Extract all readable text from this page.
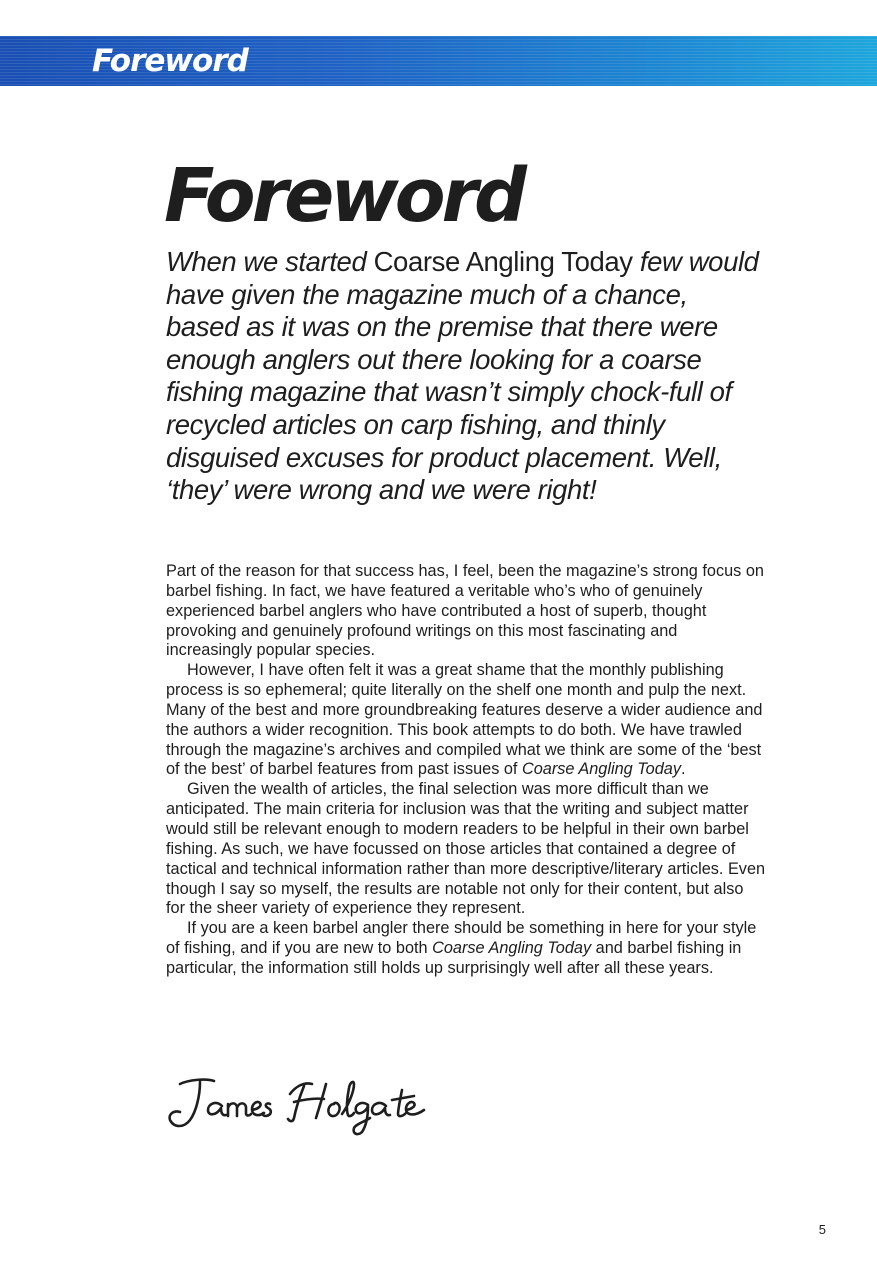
Foreword
Foreword

When we started Coarse Angling Today few would have given the magazine much of a chance, based as it was on the premise that there were enough anglers out there looking for a coarse fishing magazine that wasn’t simply chock-full of recycled articles on carp fishing, and thinly disguised excuses for product placement. Well, ‘they’ were wrong and we were right!

Part of the reason for that success has, I feel, been the magazine’s strong focus on barbel fishing. In fact, we have featured a veritable who’s who of genuinely experienced barbel anglers who have contributed a host of superb, thought provoking and genuinely profound writings on this most fascinating and increasingly popular species.

However, I have often felt it was a great shame that the monthly publishing process is so ephemeral; quite literally on the shelf one month and pulp the next. Many of the best and more groundbreaking features deserve a wider audience and the authors a wider recognition. This book attempts to do both. We have trawled through the magazine’s archives and compiled what we think are some of the ‘best of the best’ of barbel features from past issues of Coarse Angling Today.

Given the wealth of articles, the final selection was more difficult than we anticipated. The main criteria for inclusion was that the writing and subject matter would still be relevant enough to modern readers to be helpful in their own barbel fishing. As such, we have focussed on those articles that contained a degree of tactical and technical information rather than more descriptive/literary articles. Even though I say so myself, the results are notable not only for their content, but also for the sheer variety of experience they represent.

If you are a keen barbel angler there should be something in here for your style of fishing, and if you are new to both Coarse Angling Today and barbel fishing in particular, the information still holds up surprisingly well after all these years.

5
